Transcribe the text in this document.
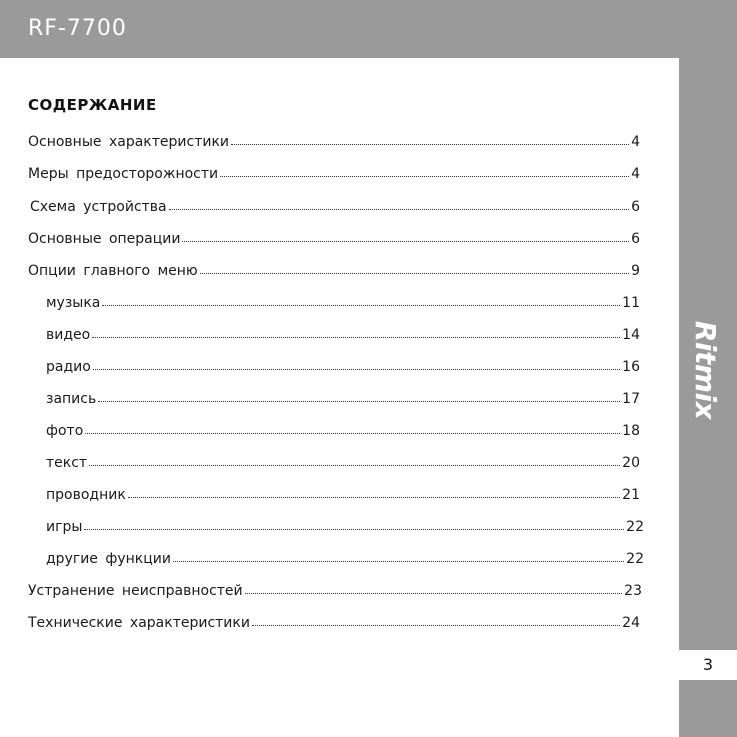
RF-7700
Ritmix
3
СОДЕРЖАНИЕ
Основные характеристики	4
Меры предосторожности	4
Схема устройства	6
Основные операции	6
Опции главного меню	9
музыка	11
видео	14
радио	16
запись	17
фото	18
текст	20
проводник	21
игры	22
другие функции	22
Устранение неисправностей	23
Технические характеристики	24
